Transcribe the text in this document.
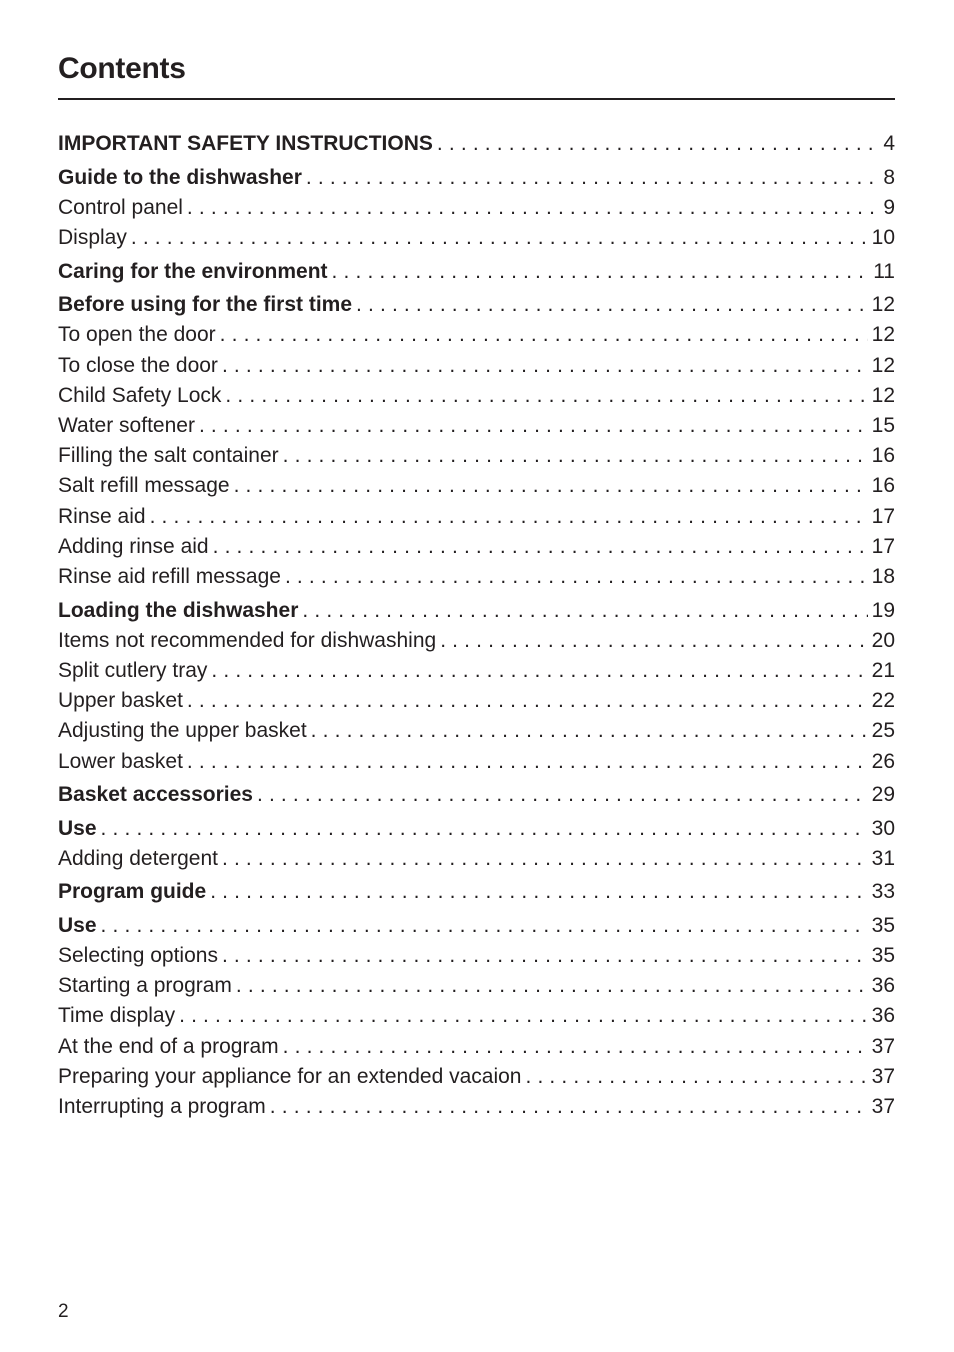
Contents
IMPORTANT SAFETY INSTRUCTIONS . . .	4
Guide to the dishwasher . . .	8
Control panel . . .	9
Display . . .	10
Caring for the environment . . .	11
Before using for the first time . . .	12
To open the door . . .	12
To close the door . . .	12
Child Safety Lock . . .	12
Water softener . . .	15
Filling the salt container . . .	16
Salt refill message . . .	16
Rinse aid . . .	17
Adding rinse aid . . .	17
Rinse aid refill message . . .	18
Loading the dishwasher . . .	19
Items not recommended for dishwashing . . .	20
Split cutlery tray . . .	21
Upper basket . . .	22
Adjusting the upper basket . . .	25
Lower basket . . .	26
Basket accessories . . .	29
Use . . .	30
Adding detergent . . .	31
Program guide . . .	33
Use . . .	35
Selecting options . . .	35
Starting a program . . .	36
Time display . . .	36
At the end of a program . . .	37
Preparing your appliance for an extended vacaion . . .	37
Interrupting a program . . .	37
2
